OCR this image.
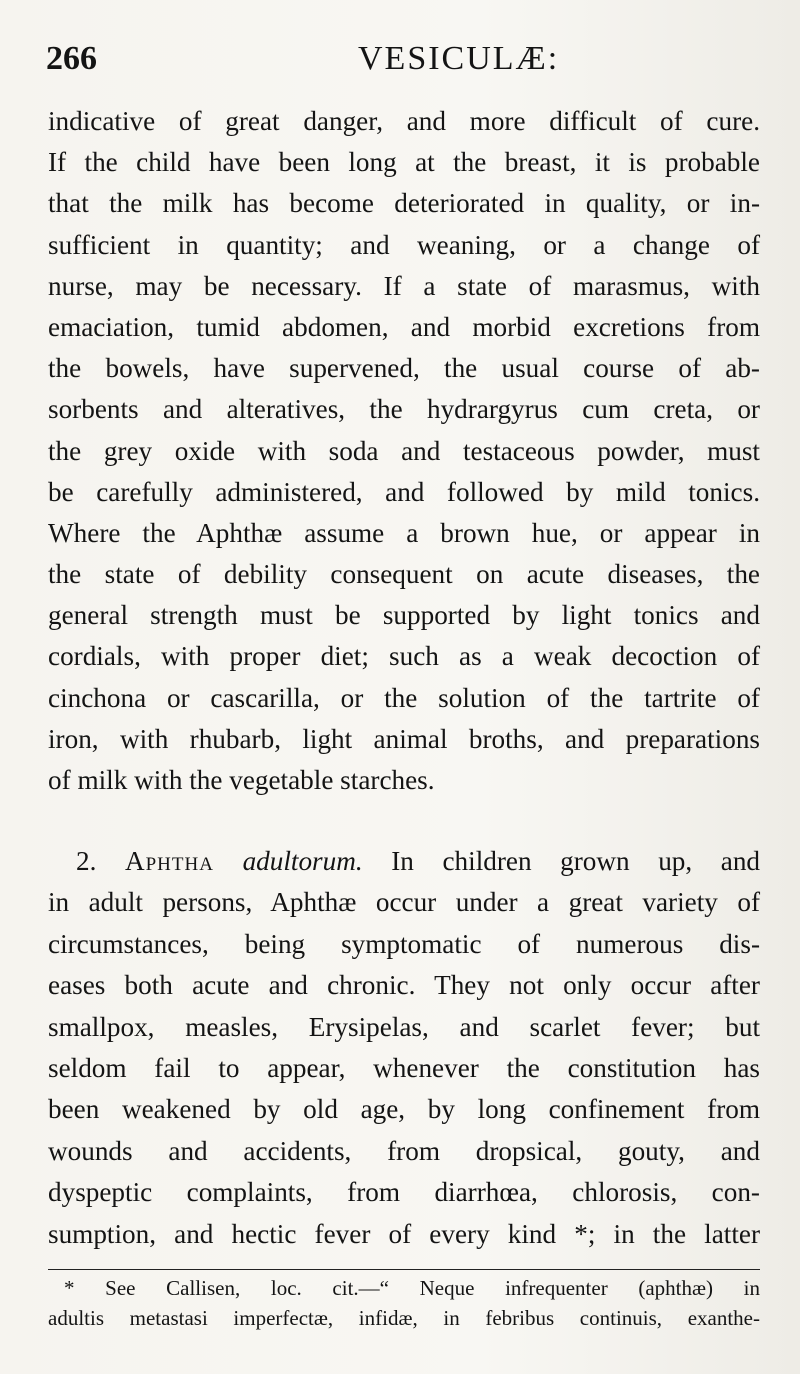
266	VESICULÆ:
indicative of great danger, and more difficult of cure.
If the child have been long at the breast, it is probable
that the milk has become deteriorated in quality, or in-
sufficient in quantity; and weaning, or a change of
nurse, may be necessary. If a state of marasmus, with
emaciation, tumid abdomen, and morbid excretions from
the bowels, have supervened, the usual course of ab-
sorbents and alteratives, the hydrargyrus cum creta, or
the grey oxide with soda and testaceous powder, must
be carefully administered, and followed by mild tonics.
Where the Aphthæ assume a brown hue, or appear in
the state of debility consequent on acute diseases, the
general strength must be supported by light tonics and
cordials, with proper diet; such as a weak decoction of
cinchona or cascarilla, or the solution of the tartrite of
iron, with rhubarb, light animal broths, and preparations
of milk with the vegetable starches.
2. Aphtha adultorum. In children grown up, and
in adult persons, Aphthæ occur under a great variety of
circumstances, being symptomatic of numerous dis-
eases both acute and chronic. They not only occur after
smallpox, measles, Erysipelas, and scarlet fever; but
seldom fail to appear, whenever the constitution has
been weakened by old age, by long confinement from
wounds and accidents, from dropsical, gouty, and
dyspeptic complaints, from diarrhœa, chlorosis, con-
sumption, and hectic fever of every kind *; in the latter
* See Callisen, loc. cit.—“ Neque infrequenter (aphthæ) in
adultis metastasi imperfectæ, infidæ, in febribus continuis, exanthe-
